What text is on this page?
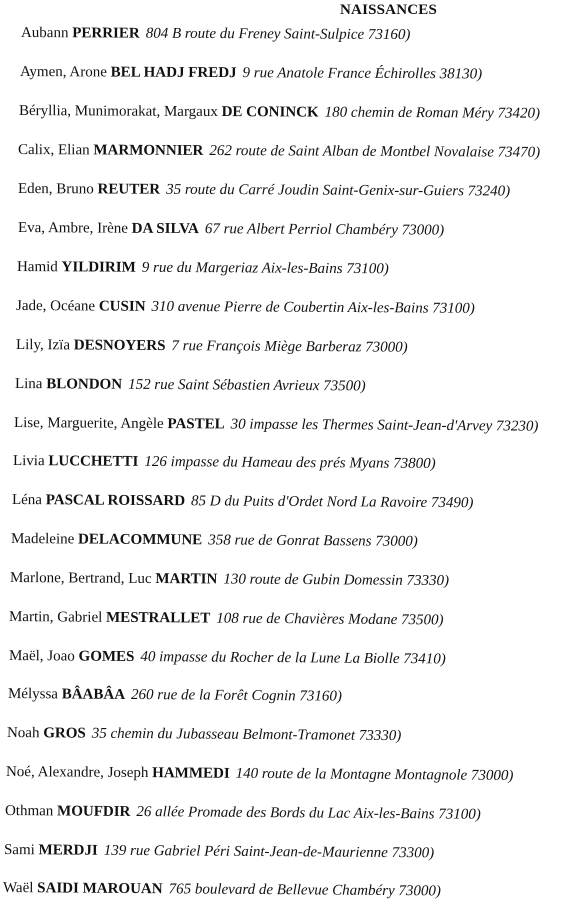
NAISSANCES
Aubann PERRIER 804 B route du Freney Saint-Sulpice 73160)
Aymen, Arone BEL HADJ FREDJ 9 rue Anatole France Échirolles 38130)
Béryllia, Munimorakat, Margaux DE CONINCK 180 chemin de Roman Méry 73420)
Calix, Elian MARMONNIER 262 route de Saint Alban de Montbel Novalaise 73470)
Eden, Bruno REUTER 35 route du Carré Joudin Saint-Genix-sur-Guiers 73240)
Eva, Ambre, Irène DA SILVA 67 rue Albert Perriol Chambéry 73000)
Hamid YILDIRIM 9 rue du Margeriaz Aix-les-Bains 73100)
Jade, Océane CUSIN 310 avenue Pierre de Coubertin Aix-les-Bains 73100)
Lily, Izïa DESNOYERS 7 rue François Miège Barberaz 73000)
Lina BLONDON 152 rue Saint Sébastien Avrieux 73500)
Lise, Marguerite, Angèle PASTEL 30 impasse les Thermes Saint-Jean-d'Arvey 73230)
Livia LUCCHETTI 126 impasse du Hameau des prés Myans 73800)
Léna PASCAL ROISSARD 85 D du Puits d'Ordet Nord La Ravoire 73490)
Madeleine DELACOMMUNE 358 rue de Gonrat Bassens 73000)
Marlone, Bertrand, Luc MARTIN 130 route de Gubin Domessin 73330)
Martin, Gabriel MESTRALLET 108 rue de Chavières Modane 73500)
Maël, Joao GOMES 40 impasse du Rocher de la Lune La Biolle 73410)
Mélyssa BÂABÂA 260 rue de la Forêt Cognin 73160)
Noah GROS 35 chemin du Jubasseau Belmont-Tramonet 73330)
Noé, Alexandre, Joseph HAMMEDI 140 route de la Montagne Montagnole 73000)
Othman MOUFDIR 26 allée Promade des Bords du Lac Aix-les-Bains 73100)
Sami MERDJI 139 rue Gabriel Péri Saint-Jean-de-Maurienne 73300)
Waël SAIDI MAROUAN 765 boulevard de Bellevue Chambéry 73000)
